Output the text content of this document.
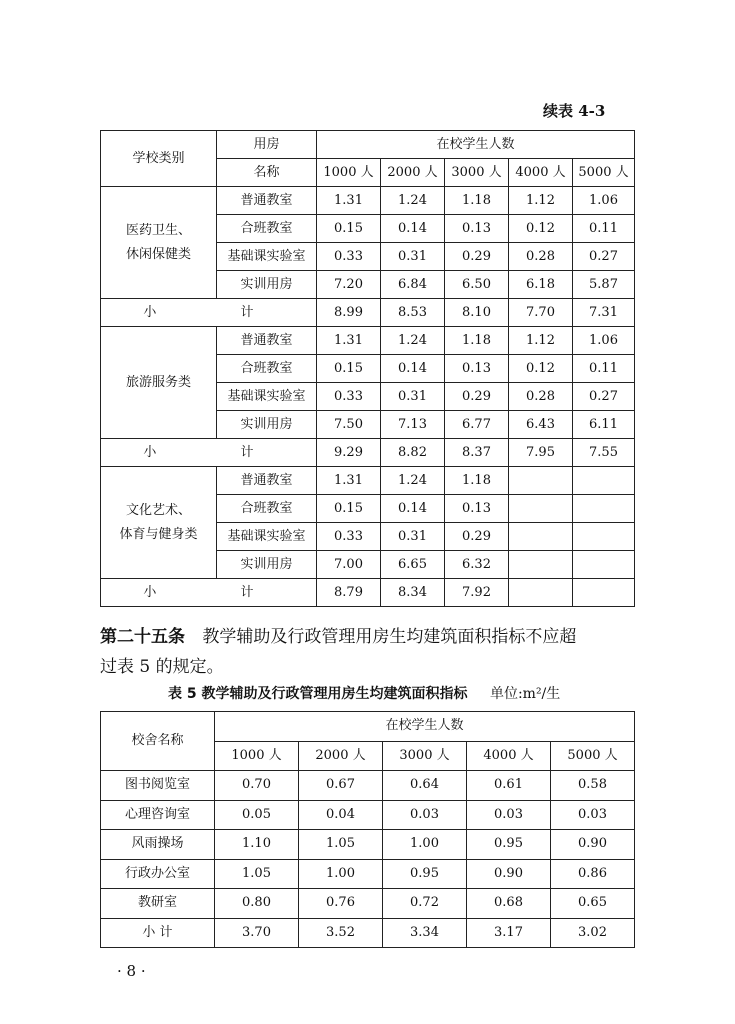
续表 4-3
学校类别	用房	在校学生人数				
	名称	1000 人	2000 人	3000 人	4000 人	5000 人

医药卫生、
休闲保健类	普通教室	1.31	1.24	1.18	1.12	1.06
	合班教室	0.15	0.14	0.13	0.12	0.11
	基础课实验室	0.33	0.31	0.29	0.28	0.27
	实训用房	7.20	6.84	6.50	6.18	5.87
小 计		8.99	8.53	8.10	7.70	7.31

旅游服务类	普通教室	1.31	1.24	1.18	1.12	1.06
	合班教室	0.15	0.14	0.13	0.12	0.11
	基础课实验室	0.33	0.31	0.29	0.28	0.27
	实训用房	7.50	7.13	6.77	6.43	6.11
小 计		9.29	8.82	8.37	7.95	7.55

文化艺术、
体育与健身类	普通教室	1.31	1.24	1.18		
	合班教室	0.15	0.14	0.13		
	基础课实验室	0.33	0.31	0.29		
	实训用房	7.00	6.65	6.32		
小 计		8.79	8.34	7.92		
第二十五条 教学辅助及行政管理用房生均建筑面积指标不应超
过表 5 的规定。
表 5 教学辅助及行政管理用房生均建筑面积指标 单位:m²/生
校舍名称	在校学生人数				
	1000 人	2000 人	3000 人	4000 人	5000 人
图书阅览室	0.70	0.67	0.64	0.61	0.58
心理咨询室	0.05	0.04	0.03	0.03	0.03
风雨操场	1.10	1.05	1.00	0.95	0.90
行政办公室	1.05	1.00	0.95	0.90	0.86
教研室	0.80	0.76	0.72	0.68	0.65
小 计	3.70	3.52	3.34	3.17	3.02
· 8 ·
